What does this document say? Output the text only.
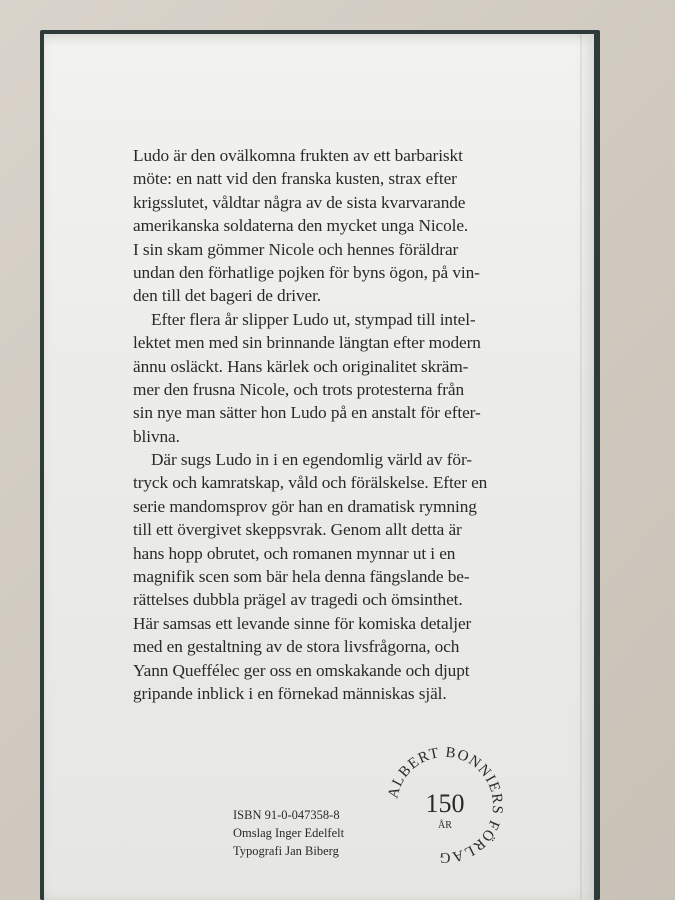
Ludo är den ovälkomna frukten av ett barbariskt
möte: en natt vid den franska kusten, strax efter
krigsslutet, våldtar några av de sista kvarvarande
amerikanska soldaterna den mycket unga Nicole.
I sin skam gömmer Nicole och hennes föräldrar
undan den förhatlige pojken för byns ögon, på vin-
den till det bageri de driver.
Efter flera år slipper Ludo ut, stympad till intel-
lektet men med sin brinnande längtan efter modern
ännu osläckt. Hans kärlek och originalitet skräm-
mer den frusna Nicole, och trots protesterna från
sin nye man sätter hon Ludo på en anstalt för efter-
blivna.
Där sugs Ludo in i en egendomlig värld av för-
tryck och kamratskap, våld och förälskelse. Efter en
serie mandomsprov gör han en dramatisk rymning
till ett övergivet skeppsvrak. Genom allt detta är
hans hopp obrutet, och romanen mynnar ut i en
magnifik scen som bär hela denna fängslande be-
rättelses dubbla prägel av tragedi och ömsinthet.
Här samsas ett levande sinne för komiska detaljer
med en gestaltning av de stora livsfrågorna, och
Yann Queffélec ger oss en omskakande och djupt
gripande inblick i en förnekad människas själ.
ISBN 91-0-047358-8
Omslag Inger Edelfelt
Typografi Jan Biberg
ALBERT BONNIERS FÖRLAG
150
ÅR
